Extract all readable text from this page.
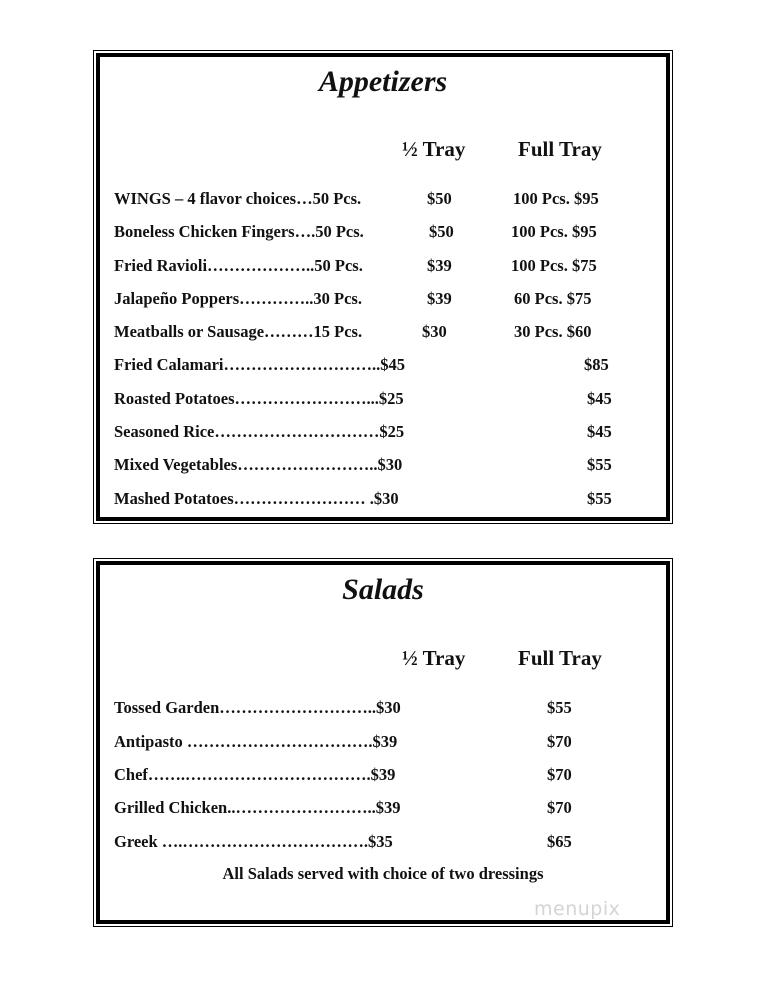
Appetizers
½ Tray	Full Tray
WINGS – 4 flavor choices…50 Pcs.	$50	100 Pcs. $95
Boneless Chicken Fingers….50 Pcs.	$50	100 Pcs. $95
Fried Ravioli………………..50 Pcs.	$39	100 Pcs. $75
Jalapeño Poppers…………..30 Pcs.	$39	60 Pcs. $75
Meatballs or Sausage………15 Pcs.	$30	30 Pcs. $60
Fried Calamari………………………..$45	$85
Roasted Potatoes……………………...$25	$45
Seasoned Rice…………………………$25	$45
Mixed Vegetables……………………..$30	$55
Mashed Potatoes…………………… .$30	$55
Salads
½ Tray	Full Tray
Tossed Garden………………………..$30	$55
Antipasto …………………………….$39	$70
Chef…….…………………………….$39	$70
Grilled Chicken..……………………..$39	$70
Greek ….…………………………….$35	$65
All Salads served with choice of two dressings
menupix
